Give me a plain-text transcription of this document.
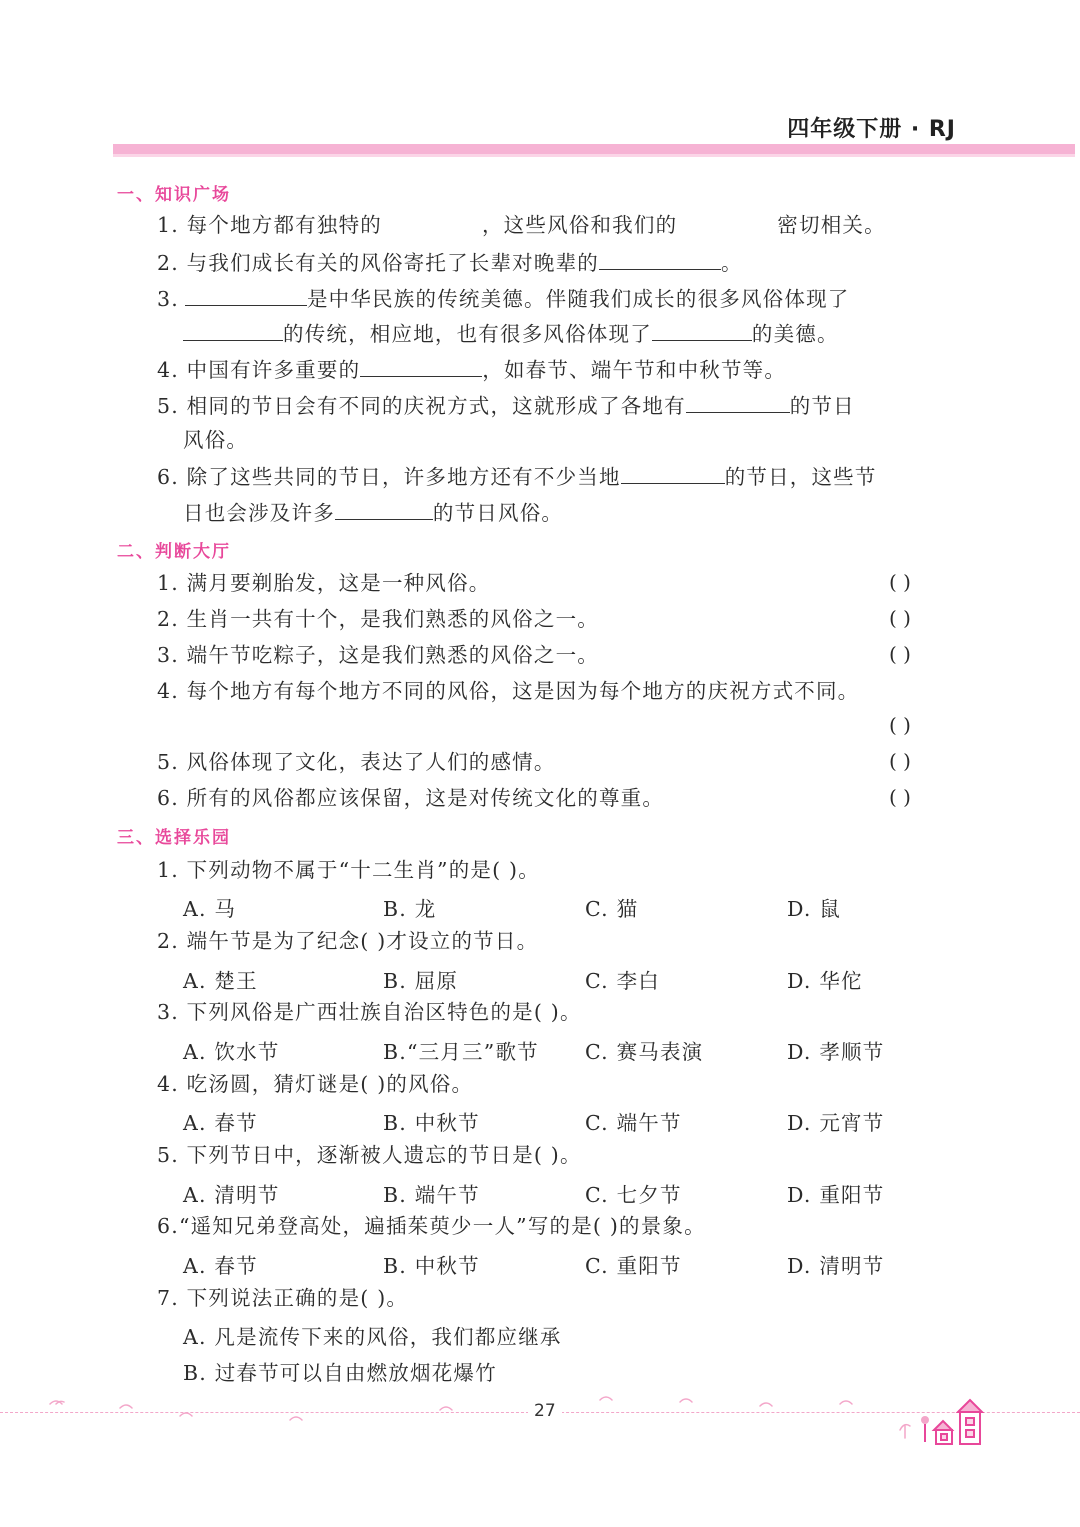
四年级下册 · RJ
一、知识广场
1. 每个地方都有独特的	，这些风俗和我们的	密切相关。
2. 与我们成长有关的风俗寄托了长辈对晚辈的	。
3.	是中华民族的传统美德。伴随我们成长的很多风俗体现了
的传统，相应地，也有很多风俗体现了	的美德。
4. 中国有许多重要的	，如春节、端午节和中秋节等。
5. 相同的节日会有不同的庆祝方式，这就形成了各地有	的节日
风俗。
6. 除了这些共同的节日，许多地方还有不少当地	的节日，这些节
日也会涉及许多	的节日风俗。
二、判断大厅
1. 满月要剃胎发，这是一种风俗。	( )
2. 生肖一共有十个，是我们熟悉的风俗之一。	( )
3. 端午节吃粽子，这是我们熟悉的风俗之一。	( )
4. 每个地方有每个地方不同的风俗，这是因为每个地方的庆祝方式不同。
( )
5. 风俗体现了文化，表达了人们的感情。	( )
6. 所有的风俗都应该保留，这是对传统文化的尊重。	( )
三、选择乐园
1. 下列动物不属于“十二生肖”的是( )。
A. 马	B. 龙	C. 猫	D. 鼠
2. 端午节是为了纪念( )才设立的节日。
A. 楚王	B. 屈原	C. 李白	D. 华佗
3. 下列风俗是广西壮族自治区特色的是( )。
A. 饮水节	B.“三月三”歌节 C. 赛马表演	D. 孝顺节
4. 吃汤圆，猜灯谜是( )的风俗。
A. 春节	B. 中秋节	C. 端午节	D. 元宵节
5. 下列节日中，逐渐被人遗忘的节日是( )。
A. 清明节	B. 端午节	C. 七夕节	D. 重阳节
6.“遥知兄弟登高处，遍插茱萸少一人”写的是( )的景象。
A. 春节	B. 中秋节	C. 重阳节	D. 清明节
7. 下列说法正确的是( )。
A. 凡是流传下来的风俗，我们都应继承
B. 过春节可以自由燃放烟花爆竹
27
